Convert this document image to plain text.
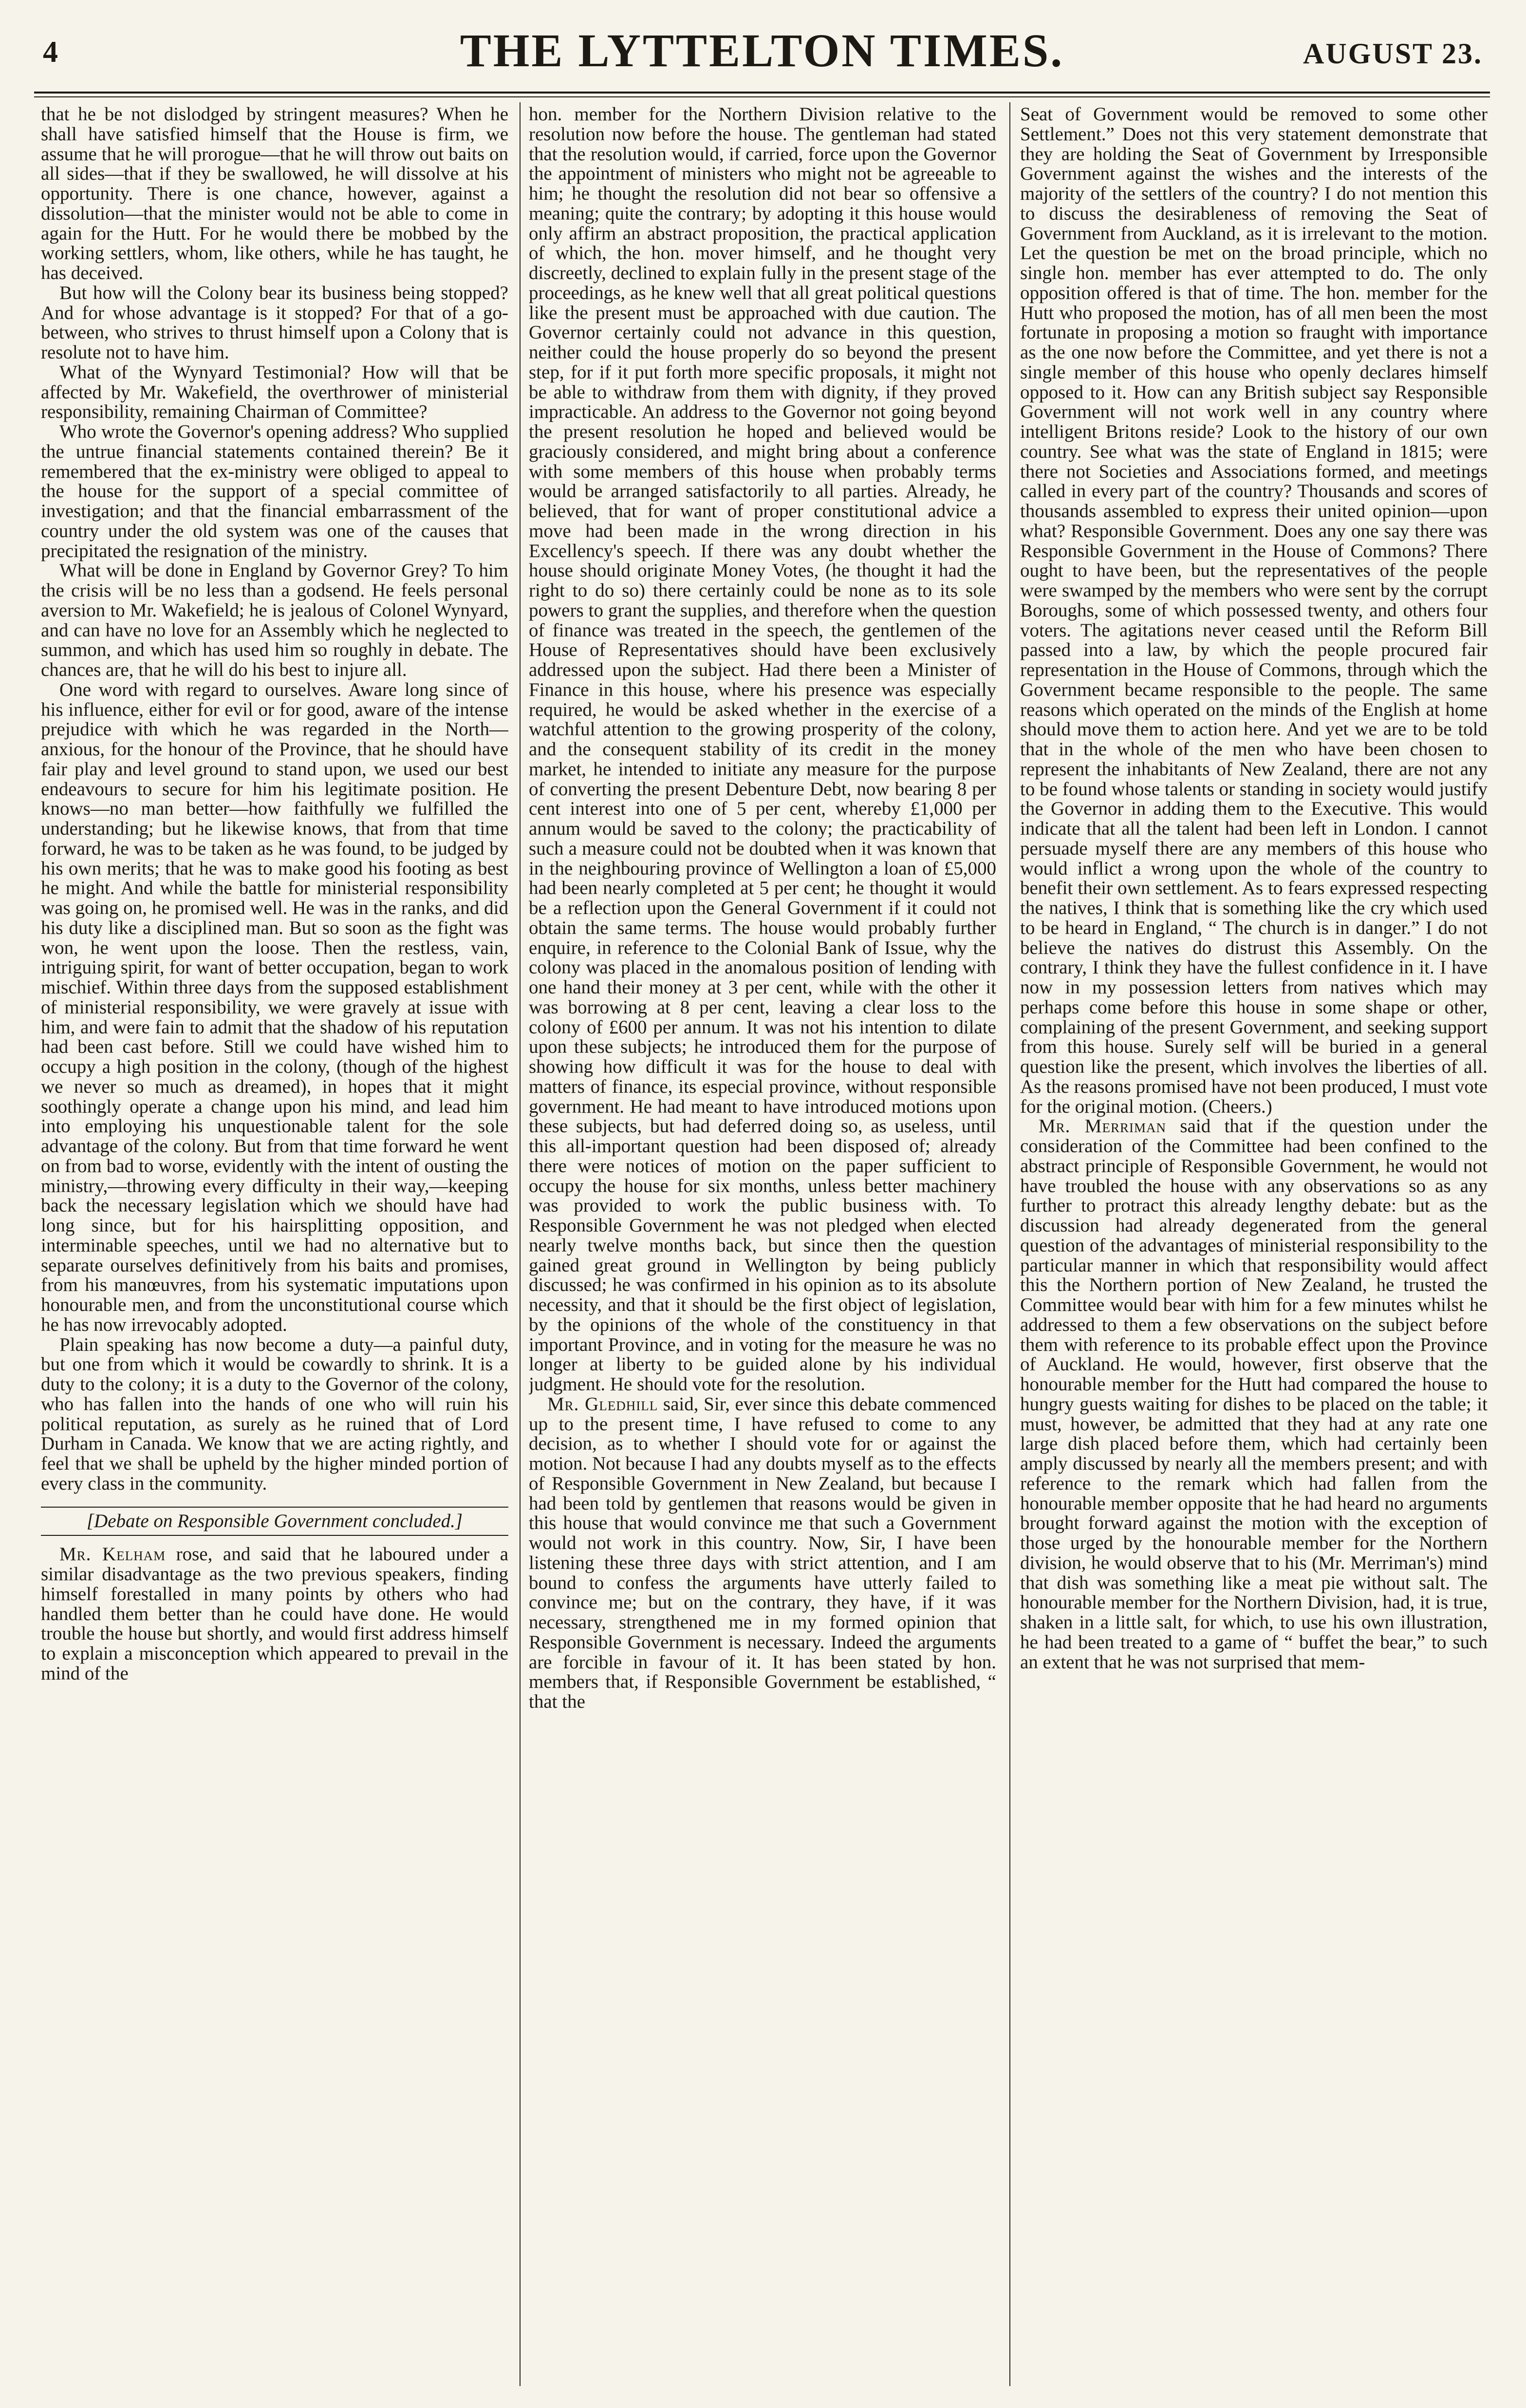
4	THE LYTTELTON TIMES.	AUGUST 23.

that he be not dislodged by stringent measures? When he shall have satisfied himself that the House is firm, we assume that he will prorogue—that he will throw out baits on all sides—that if they be swallowed, he will dissolve at his opportunity. There is one chance, however, against a dissolution—that the minister would not be able to come in again for the Hutt. For he would there be mobbed by the working settlers, whom, like others, while he has taught, he has deceived.

But how will the Colony bear its business being stopped? And for whose advantage is it stopped? For that of a go-between, who strives to thrust himself upon a Colony that is resolute not to have him.

What of the Wynyard Testimonial? How will that be affected by Mr. Wakefield, the overthrower of ministerial responsibility, remaining Chairman of Committee?

Who wrote the Governor's opening address? Who supplied the untrue financial statements contained therein? Be it remembered that the ex-ministry were obliged to appeal to the house for the support of a special committee of investigation; and that the financial embarrassment of the country under the old system was one of the causes that precipitated the resignation of the ministry.

What will be done in England by Governor Grey? To him the crisis will be no less than a godsend. He feels personal aversion to Mr. Wakefield; he is jealous of Colonel Wynyard, and can have no love for an Assembly which he neglected to summon, and which has used him so roughly in debate. The chances are, that he will do his best to injure all.

One word with regard to ourselves. Aware long since of his influence, either for evil or for good, aware of the intense prejudice with which he was regarded in the North—anxious, for the honour of the Province, that he should have fair play and level ground to stand upon, we used our best endeavours to secure for him his legitimate position. He knows—no man better—how faithfully we fulfilled the understanding; but he likewise knows, that from that time forward, he was to be taken as he was found, to be judged by his own merits; that he was to make good his footing as best he might. And while the battle for ministerial responsibility was going on, he promised well. He was in the ranks, and did his duty like a disciplined man. But so soon as the fight was won, he went upon the loose. Then the restless, vain, intriguing spirit, for want of better occupation, began to work mischief. Within three days from the supposed establishment of ministerial responsibility, we were gravely at issue with him, and were fain to admit that the shadow of his reputation had been cast before. Still we could have wished him to occupy a high position in the colony, (though of the highest we never so much as dreamed), in hopes that it might soothingly operate a change upon his mind, and lead him into employing his unquestionable talent for the sole advantage of the colony. But from that time forward he went on from bad to worse, evidently with the intent of ousting the ministry,—throwing every difficulty in their way,—keeping back the necessary legislation which we should have had long since, but for his hairsplitting opposition, and interminable speeches, until we had no alternative but to separate ourselves definitively from his baits and promises, from his manœuvres, from his systematic imputations upon honourable men, and from the unconstitutional course which he has now irrevocably adopted.

Plain speaking has now become a duty—a painful duty, but one from which it would be cowardly to shrink. It is a duty to the colony; it is a duty to the Governor of the colony, who has fallen into the hands of one who will ruin his political reputation, as surely as he ruined that of Lord Durham in Canada. We know that we are acting rightly, and feel that we shall be upheld by the higher minded portion of every class in the community.

[Debate on Responsible Government concluded.]

Mr. Kelham rose, and said that he laboured under a similar disadvantage as the two previous speakers, finding himself forestalled in many points by others who had handled them better than he could have done. He would trouble the house but shortly, and would first address himself to explain a misconception which appeared to prevail in the mind of the

hon. member for the Northern Division relative to the resolution now before the house. The gentleman had stated that the resolution would, if carried, force upon the Governor the appointment of ministers who might not be agreeable to him; he thought the resolution did not bear so offensive a meaning; quite the contrary; by adopting it this house would only affirm an abstract proposition, the practical application of which, the hon. mover himself, and he thought very discreetly, declined to explain fully in the present stage of the proceedings, as he knew well that all great political questions like the present must be approached with due caution. The Governor certainly could not advance in this question, neither could the house properly do so beyond the present step, for if it put forth more specific proposals, it might not be able to withdraw from them with dignity, if they proved impracticable. An address to the Governor not going beyond the present resolution he hoped and believed would be graciously considered, and might bring about a conference with some members of this house when probably terms would be arranged satisfactorily to all parties. Already, he believed, that for want of proper constitutional advice a move had been made in the wrong direction in his Excellency's speech. If there was any doubt whether the house should originate Money Votes, (he thought it had the right to do so) there certainly could be none as to its sole powers to grant the supplies, and therefore when the question of finance was treated in the speech, the gentlemen of the House of Representatives should have been exclusively addressed upon the subject. Had there been a Minister of Finance in this house, where his presence was especially required, he would be asked whether in the exercise of a watchful attention to the growing prosperity of the colony, and the consequent stability of its credit in the money market, he intended to initiate any measure for the purpose of converting the present Debenture Debt, now bearing 8 per cent interest into one of 5 per cent, whereby £1,000 per annum would be saved to the colony; the practicability of such a measure could not be doubted when it was known that in the neighbouring province of Wellington a loan of £5,000 had been nearly completed at 5 per cent; he thought it would be a reflection upon the General Government if it could not obtain the same terms. The house would probably further enquire, in reference to the Colonial Bank of Issue, why the colony was placed in the anomalous position of lending with one hand their money at 3 per cent, while with the other it was borrowing at 8 per cent, leaving a clear loss to the colony of £600 per annum. It was not his intention to dilate upon these subjects; he introduced them for the purpose of showing how difficult it was for the house to deal with matters of finance, its especial province, without responsible government. He had meant to have introduced motions upon these subjects, but had deferred doing so, as useless, until this all-important question had been disposed of; already there were notices of motion on the paper sufficient to occupy the house for six months, unless better machinery was provided to work the public business with. To Responsible Government he was not pledged when elected nearly twelve months back, but since then the question gained great ground in Wellington by being publicly discussed; he was confirmed in his opinion as to its absolute necessity, and that it should be the first object of legislation, by the opinions of the whole of the constituency in that important Province, and in voting for the measure he was no longer at liberty to be guided alone by his individual judgment. He should vote for the resolution.

Mr. Gledhill said, Sir, ever since this debate commenced up to the present time, I have refused to come to any decision, as to whether I should vote for or against the motion. Not because I had any doubts myself as to the effects of Responsible Government in New Zealand, but because I had been told by gentlemen that reasons would be given in this house that would convince me that such a Government would not work in this country. Now, Sir, I have been listening these three days with strict attention, and I am bound to confess the arguments have utterly failed to convince me; but on the contrary, they have, if it was necessary, strengthened me in my formed opinion that Responsible Government is necessary. Indeed the arguments are forcible in favour of it. It has been stated by hon. members that, if Responsible Government be established, “ that the

Seat of Government would be removed to some other Settlement.” Does not this very statement demonstrate that they are holding the Seat of Government by Irresponsible Government against the wishes and the interests of the majority of the settlers of the country? I do not mention this to discuss the desirableness of removing the Seat of Government from Auckland, as it is irrelevant to the motion. Let the question be met on the broad principle, which no single hon. member has ever attempted to do. The only opposition offered is that of time. The hon. member for the Hutt who proposed the motion, has of all men been the most fortunate in proposing a motion so fraught with importance as the one now before the Committee, and yet there is not a single member of this house who openly declares himself opposed to it. How can any British subject say Responsible Government will not work well in any country where intelligent Britons reside? Look to the history of our own country. See what was the state of England in 1815; were there not Societies and Associations formed, and meetings called in every part of the country? Thousands and scores of thousands assembled to express their united opinion—upon what? Responsible Government. Does any one say there was Responsible Government in the House of Commons? There ought to have been, but the representatives of the people were swamped by the members who were sent by the corrupt Boroughs, some of which possessed twenty, and others four voters. The agitations never ceased until the Reform Bill passed into a law, by which the people procured fair representation in the House of Commons, through which the Government became responsible to the people. The same reasons which operated on the minds of the English at home should move them to action here. And yet we are to be told that in the whole of the men who have been chosen to represent the inhabitants of New Zealand, there are not any to be found whose talents or standing in society would justify the Governor in adding them to the Executive. This would indicate that all the talent had been left in London. I cannot persuade myself there are any members of this house who would inflict a wrong upon the whole of the country to benefit their own settlement. As to fears expressed respecting the natives, I think that is something like the cry which used to be heard in England, “ The church is in danger.” I do not believe the natives do distrust this Assembly. On the contrary, I think they have the fullest confidence in it. I have now in my possession letters from natives which may perhaps come before this house in some shape or other, complaining of the present Government, and seeking support from this house. Surely self will be buried in a general question like the present, which involves the liberties of all. As the reasons promised have not been produced, I must vote for the original motion. (Cheers.)

Mr. Merriman said that if the question under the consideration of the Committee had been confined to the abstract principle of Responsible Government, he would not have troubled the house with any observations so as any further to protract this already lengthy debate: but as the discussion had already degenerated from the general question of the advantages of ministerial responsibility to the particular manner in which that responsibility would affect this the Northern portion of New Zealand, he trusted the Committee would bear with him for a few minutes whilst he addressed to them a few observations on the subject before them with reference to its probable effect upon the Province of Auckland. He would, however, first observe that the honourable member for the Hutt had compared the house to hungry guests waiting for dishes to be placed on the table; it must, however, be admitted that they had at any rate one large dish placed before them, which had certainly been amply discussed by nearly all the members present; and with reference to the remark which had fallen from the honourable member opposite that he had heard no arguments brought forward against the motion with the exception of those urged by the honourable member for the Northern division, he would observe that to his (Mr. Merriman's) mind that dish was something like a meat pie without salt. The honourable member for the Northern Division, had, it is true, shaken in a little salt, for which, to use his own illustration, he had been treated to a game of “ buffet the bear,” to such an extent that he was not surprised that mem-
